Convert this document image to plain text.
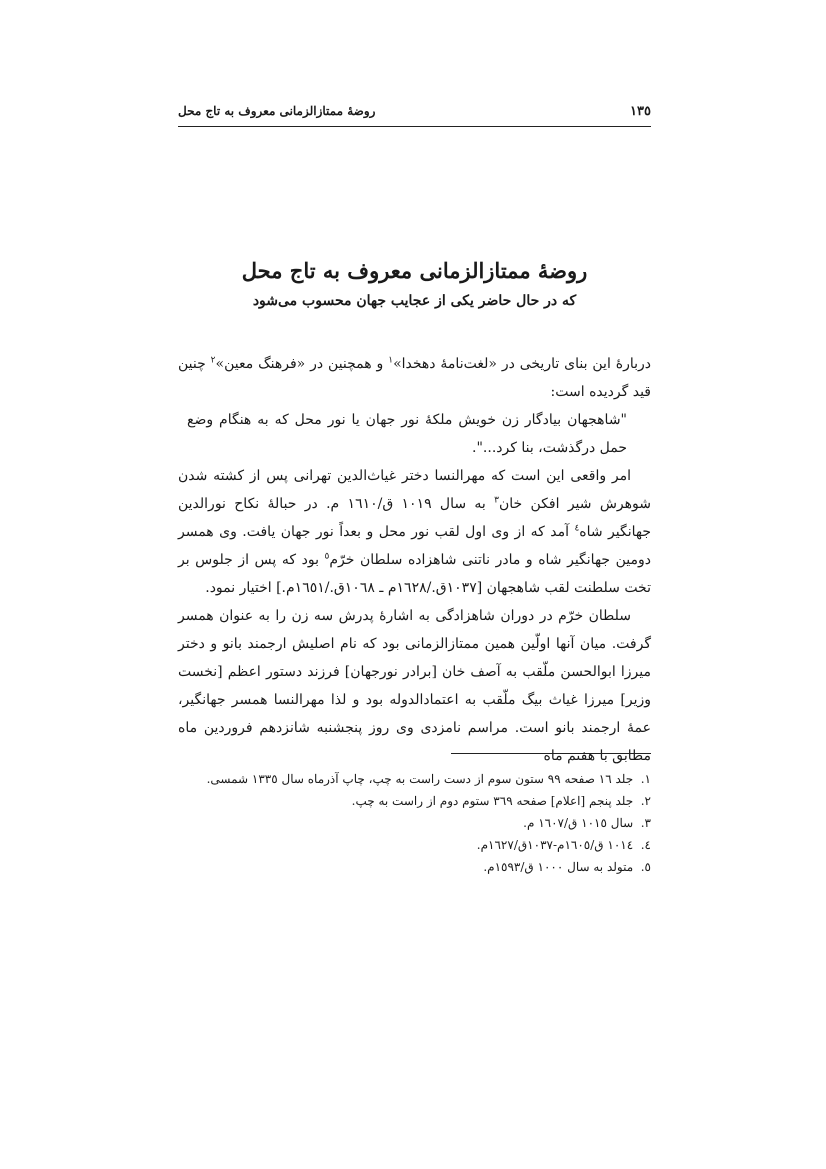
١٣٥
روضهٔ ممتازالزمانی معروف به تاج محل

روضهٔ ممتازالزمانی معروف به تاج محل

که در حال حاضر یکی از عجایب جهان محسوب می‌شود

دربارهٔ این بنای تاریخی در «لغت‌نامهٔ دهخدا»$^١$ و همچنین در «فرهنگ معین»$^٢$ چنین قید گردیده است:

"شاهجهان بیادگار زن خویش ملکهٔ نور جهان یا نور محل که به هنگام وضع حمل درگذشت، بنا کرد...".

امر واقعی این است که مهرالنسا دختر غیاث‌الدین تهرانی پس از کشته شدن شوهرش شیر افکن خان$^٣$ به سال ١٠١٩ ق/١٦١٠ م. در حبالهٔ نکاح نورالدین جهانگیر شاه$^٤$ آمد که از وی اول لقب نور محل و بعداً نور جهان یافت. وی همسر دومین جهانگیر شاه و مادر ناتنی شاهزاده سلطان خرّم$^٥$ بود که پس از جلوس بر تخت سلطنت لقب شاهجهان [١٠٣٧ق./١٦٢٨م ـ ١٠٦٨ق./١٦٥١م.] اختیار نمود.

سلطان خرّم در دوران شاهزادگی به اشارهٔ پدرش سه زن را به عنوان همسر گرفت. میان آنها اولّین همین ممتازالزمانی بود که نام اصلیش ارجمند بانو و دختر میرزا ابوالحسن ملّقب به آصف خان [برادر نورجهان] فرزند دستور اعظم [نخست وزیر] میرزا غیاث بیگ ملّقب به اعتمادالدوله بود و لذا مهرالنسا همسر جهانگیر، عمهٔ ارجمند بانو است. مراسم نامزدی وی روز پنجشنبه شانزدهم فروردین ماه مطابق با هفتم ماه

١. جلد ١٦ صفحه ٩٩ ستون سوم از دست راست به چپ، چاپ آذرماه سال ١٣٣٥ شمسی.

٢. جلد پنجم [اعلام] صفحه ٣٦٩ ستوم دوم از راست به چپ.

٣. سال ١٠١٥ ق/١٦٠٧ م.

٤. ١٠١٤ ق/١٦٠٥م-١٠٣٧ق/١٦٢٧م.

٥. متولد به سال ١٠٠٠ ق/١٥٩٣م.
